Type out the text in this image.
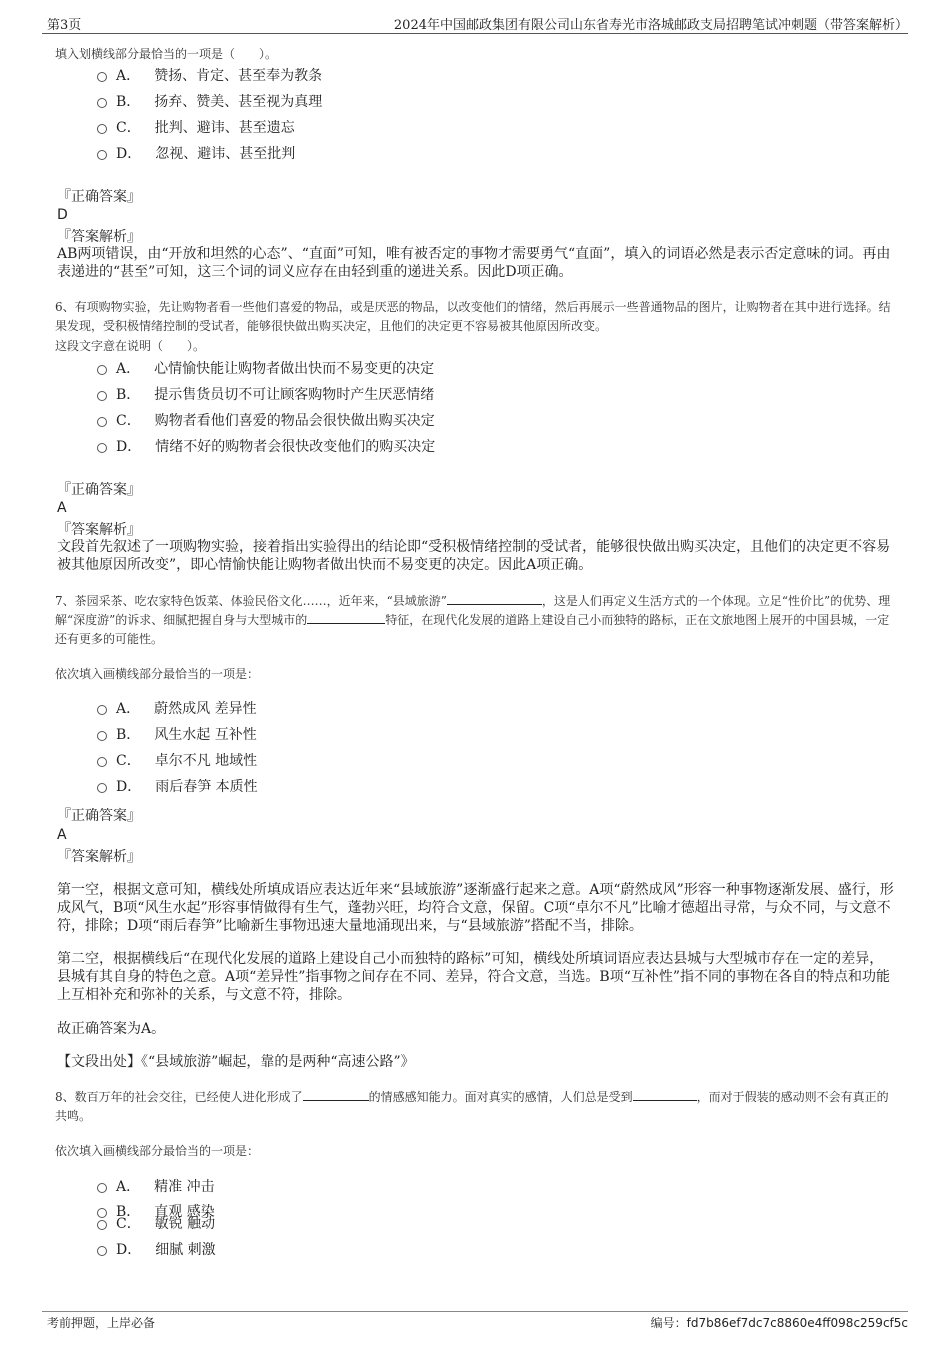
第3页	2024年中国邮政集团有限公司山东省寿光市洛城邮政支局招聘笔试冲刺题（带答案解析）
填入划横线部分最恰当的一项是（　　）。
A． 赞扬、肯定、甚至奉为教条
B． 扬弃、赞美、甚至视为真理
C． 批判、避讳、甚至遗忘
D． 忽视、避讳、甚至批判
『正确答案』
D
『答案解析』
AB两项错误，由“开放和坦然的心态”、“直面”可知，唯有被否定的事物才需要勇气“直面”，填入的词语必然是表示否定意味的词。再由表递进的“甚至”可知，这三个词的词义应存在由轻到重的递进关系。因此D项正确。
6、有项购物实验，先让购物者看一些他们喜爱的物品，或是厌恶的物品，以改变他们的情绪，然后再展示一些普通物品的图片，让购物者在其中进行选择。结果发现，受积极情绪控制的受试者，能够很快做出购买决定，且他们的决定更不容易被其他原因所改变。
这段文字意在说明（　　）。
A． 心情愉快能让购物者做出快而不易变更的决定
B． 提示售货员切不可让顾客购物时产生厌恶情绪
C． 购物者看他们喜爱的物品会很快做出购买决定
D． 情绪不好的购物者会很快改变他们的购买决定
『正确答案』
A
『答案解析』
文段首先叙述了一项购物实验，接着指出实验得出的结论即“受积极情绪控制的受试者，能够很快做出购买决定，且他们的决定更不容易被其他原因所改变”，即心情愉快能让购物者做出快而不易变更的决定。因此A项正确。
7、茶园采茶、吃农家特色饭菜、体验民俗文化……，近年来，“县域旅游”	，这是人们再定义生活方式的一个体现。立足“性价比”的优势、理解“深度游”的诉求、细腻把握自身与大型城市的	特征，在现代化发展的道路上建设自己小而独特的路标，正在文旅地图上展开的中国县城，一定还有更多的可能性。
依次填入画横线部分最恰当的一项是：
A． 蔚然成风 差异性
B． 风生水起 互补性
C． 卓尔不凡 地域性
D． 雨后春笋 本质性
『正确答案』
A
『答案解析』
第一空，根据文意可知，横线处所填成语应表达近年来“县域旅游”逐渐盛行起来之意。A项“蔚然成风”形容一种事物逐渐发展、盛行，形成风气，B项“风生水起”形容事情做得有生气，蓬勃兴旺，均符合文意，保留。C项“卓尔不凡”比喻才德超出寻常，与众不同，与文意不符，排除；D项“雨后春笋”比喻新生事物迅速大量地涌现出来，与“县域旅游”搭配不当，排除。
第二空，根据横线后“在现代化发展的道路上建设自己小而独特的路标”可知，横线处所填词语应表达县城与大型城市存在一定的差异，县城有其自身的特色之意。A项“差异性”指事物之间存在不同、差异，符合文意，当选。B项“互补性”指不同的事物在各自的特点和功能上互相补充和弥补的关系，与文意不符，排除。
故正确答案为A。
【文段出处】《“县域旅游”崛起，靠的是两种“高速公路”》
8、数百万年的社会交往，已经使人进化形成了	的情感感知能力。面对真实的感情，人们总是受到	，而对于假装的感动则不会有真正的共鸣。
依次填入画横线部分最恰当的一项是：
A． 精准 冲击
B． 直观 感染
C． 敏锐 触动
D． 细腻 刺激
考前押题，上岸必备	编号：fd7b86ef7dc7c8860e4ff098c259cf5c
